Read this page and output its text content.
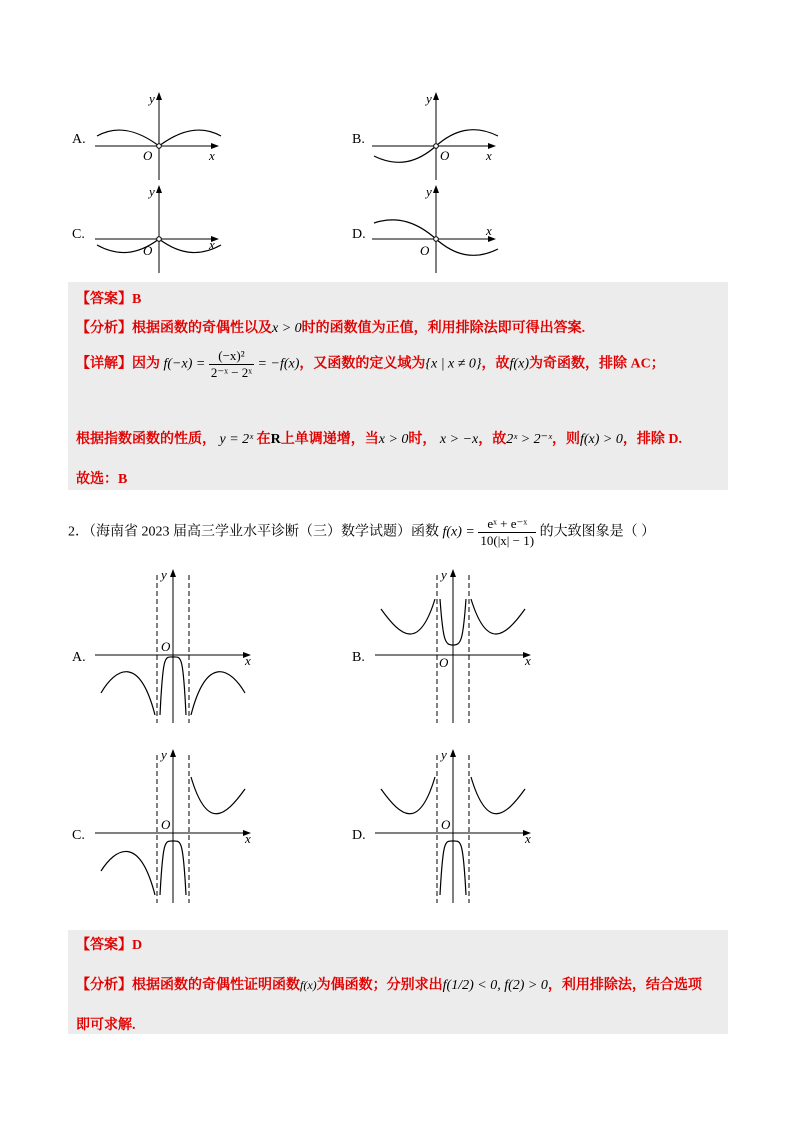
A.	B.
C.	D.
y
x
O
y
x
O
y
x
O
y
x
O
【答案】B
【分析】根据函数的奇偶性以及x > 0时的函数值为正值，利用排除法即可得出答案.
【详解】因为 $f(-x) = \frac{\text{(−x)²}}{\text{2⁻ˣ − 2ˣ}} = -f(x)$，又函数的定义域为{x | x ≠ 0}，故f(x)为奇函数，排除 AC；
根据指数函数的性质， y = 2ˣ 在R上单调递增，当x > 0时， x > −x，故2ˣ > 2⁻ˣ，则f(x) > 0，排除 D.
故选：B
2．（海南省 2023 届高三学业水平诊断（三）数学试题）函数 $f(x) = \frac{\text{eˣ + e⁻ˣ}}{10(|x| - 1)}$ 的大致图象是（ ）
A.	B.
C.	D.
y
x
O
y
x
O
y
x
O
y
x
O
【答案】D
【分析】根据函数的奇偶性证明函数f(x)为偶函数；分别求出f(1/2) < 0, f(2) > 0，利用排除法，结合选项
即可求解.
